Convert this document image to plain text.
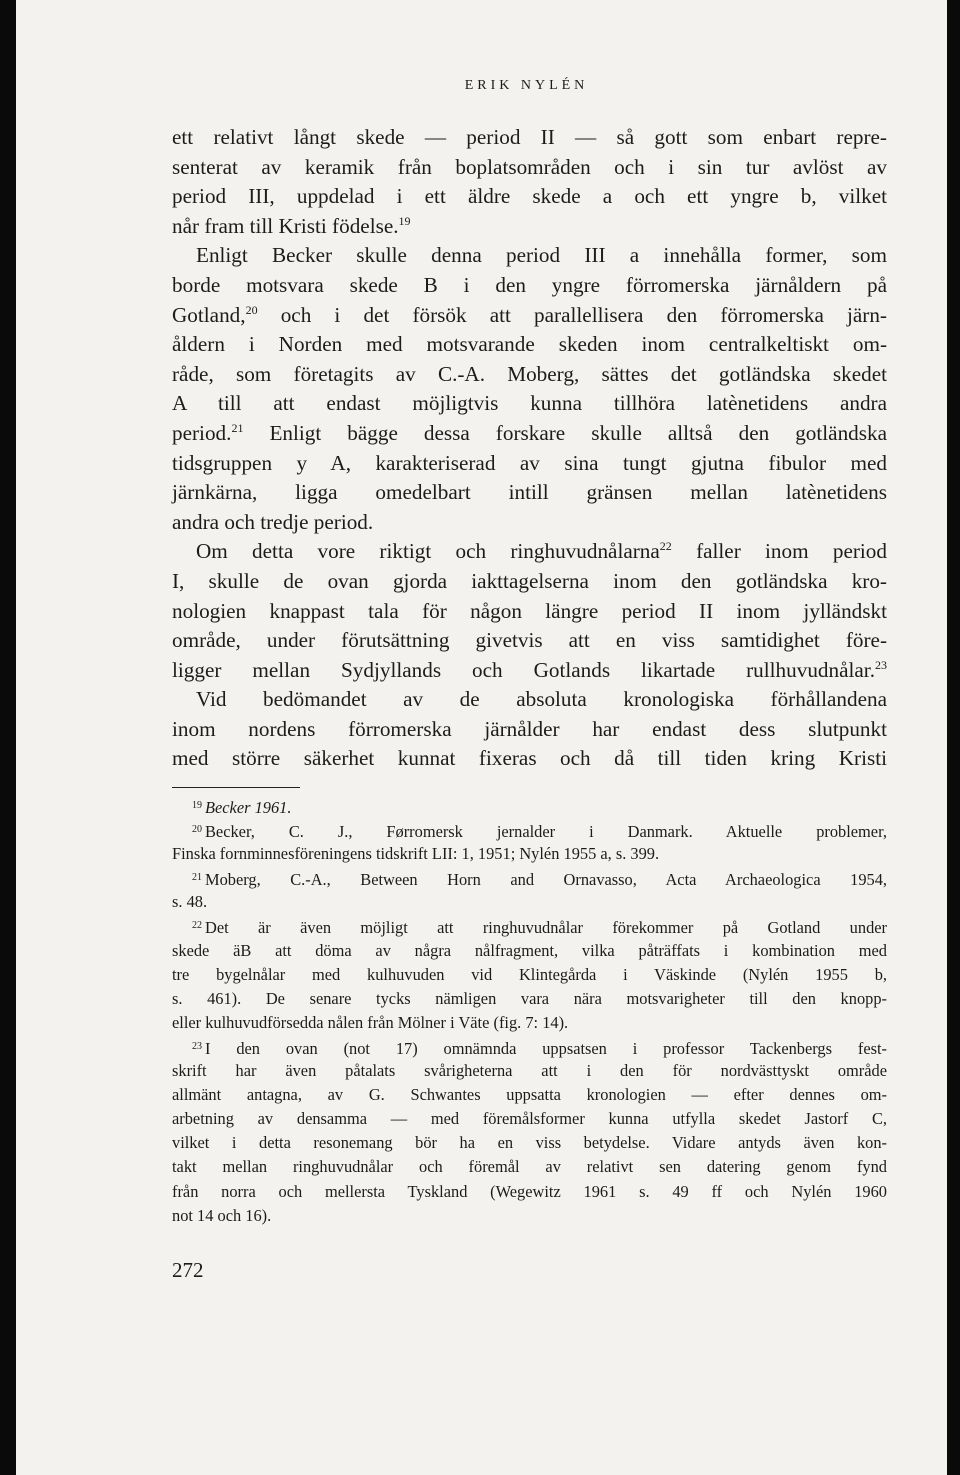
ERIK NYLÉN
ett relativt långt skede — period II — så gott som enbart repre-
senterat av keramik från boplatsområden och i sin tur avlöst av
period III, uppdelad i ett äldre skede a och ett yngre b, vilket
når fram till Kristi födelse.$^{19}$
Enligt Becker skulle denna period III a innehålla former, som
borde motsvara skede B i den yngre förromerska järnåldern på
Gotland,$^{20}$ och i det försök att parallellisera den förromerska järn-
åldern i Norden med motsvarande skeden inom centralkeltiskt om-
råde, som företagits av C.-A. Moberg, sättes det gotländska skedet
A till att endast möjligtvis kunna tillhöra latènetidens andra
period.$^{21}$ Enligt bägge dessa forskare skulle alltså den gotländska
tidsgruppen y A, karakteriserad av sina tungt gjutna fibulor med
järnkärna, ligga omedelbart intill gränsen mellan latènetidens
andra och tredje period.
Om detta vore riktigt och ringhuvudnålarna$^{22}$ faller inom period
I, skulle de ovan gjorda iakttagelserna inom den gotländska kro-
nologien knappast tala för någon längre period II inom jylländskt
område, under förutsättning givetvis att en viss samtidighet före-
ligger mellan Sydjyllands och Gotlands likartade rullhuvudnålar.$^{23}$
Vid bedömandet av de absoluta kronologiska förhållandena
inom nordens förromerska järnålder har endast dess slutpunkt
med större säkerhet kunnat fixeras och då till tiden kring Kristi
$^{19}$ Becker 1961.
$^{20}$ Becker, C. J., Førromersk jernalder i Danmark. Aktuelle problemer,
Finska fornminnesföreningens tidskrift LII: 1, 1951; Nylén 1955 a, s. 399.
$^{21}$ Moberg, C.-A., Between Horn and Ornavasso, Acta Archaeologica 1954,
s. 48.
$^{22}$ Det är även möjligt att ringhuvudnålar förekommer på Gotland under
skede äB att döma av några nålfragment, vilka påträffats i kombination med
tre bygelnålar med kulhuvuden vid Klintegårda i Väskinde (Nylén 1955 b,
s. 461). De senare tycks nämligen vara nära motsvarigheter till den knopp-
eller kulhuvudförsedda nålen från Mölner i Väte (fig. 7: 14).
$^{23}$ I den ovan (not 17) omnämnda uppsatsen i professor Tackenbergs fest-
skrift har även påtalats svårigheterna att i den för nordvästtyskt område
allmänt antagna, av G. Schwantes uppsatta kronologien — efter dennes om-
arbetning av densamma — med föremålsformer kunna utfylla skedet Jastorf C,
vilket i detta resonemang bör ha en viss betydelse. Vidare antyds även kon-
takt mellan ringhuvudnålar och föremål av relativt sen datering genom fynd
från norra och mellersta Tyskland (Wegewitz 1961 s. 49 ff och Nylén 1960
not 14 och 16).
272
